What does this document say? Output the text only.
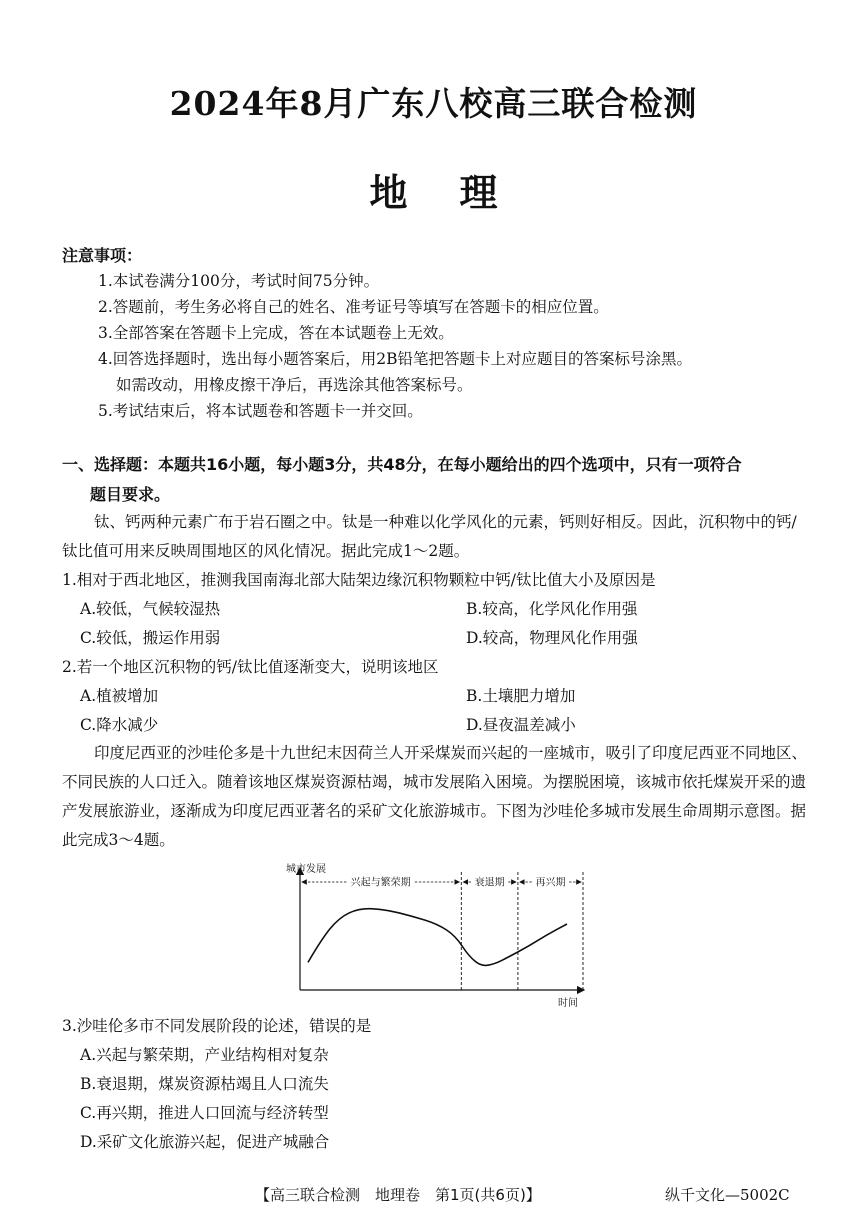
2024年8月广东八校高三联合检测
地理
注意事项：
1.本试卷满分100分，考试时间75分钟。
2.答题前，考生务必将自己的姓名、准考证号等填写在答题卡的相应位置。
3.全部答案在答题卡上完成，答在本试题卷上无效。
4.回答选择题时，选出每小题答案后，用2B铅笔把答题卡上对应题目的答案标号涂黑。
如需改动，用橡皮擦干净后，再选涂其他答案标号。
5.考试结束后，将本试题卷和答题卡一并交回。
一、选择题：本题共16小题，每小题3分，共48分，在每小题给出的四个选项中，只有一项符合
题目要求。
钛、钙两种元素广布于岩石圈之中。钛是一种难以化学风化的元素，钙则好相反。因此，沉积物中的钙/钛比值可用来反映周围地区的风化情况。据此完成1～2题。
1.相对于西北地区，推测我国南海北部大陆架边缘沉积物颗粒中钙/钛比值大小及原因是
A.较低，气候较湿热	B.较高，化学风化作用强
C.较低，搬运作用弱	D.较高，物理风化作用强
2.若一个地区沉积物的钙/钛比值逐渐变大，说明该地区
A.植被增加	B.土壤肥力增加
C.降水减少	D.昼夜温差减小
印度尼西亚的沙哇伦多是十九世纪末因荷兰人开采煤炭而兴起的一座城市，吸引了印度尼西亚不同地区、不同民族的人口迁入。随着该地区煤炭资源枯竭，城市发展陷入困境。为摆脱困境，该城市依托煤炭开采的遗产发展旅游业，逐渐成为印度尼西亚著名的采矿文化旅游城市。下图为沙哇伦多城市发展生命周期示意图。据此完成3～4题。
城市发展
时间
兴起与繁荣期	衰退期	再兴期
3.沙哇伦多市不同发展阶段的论述，错误的是
A.兴起与繁荣期，产业结构相对复杂
B.衰退期，煤炭资源枯竭且人口流失
C.再兴期，推进人口回流与经济转型
D.采矿文化旅游兴起，促进产城融合
【高三联合检测　地理卷　第1页(共6页)】	纵千文化—5002C
